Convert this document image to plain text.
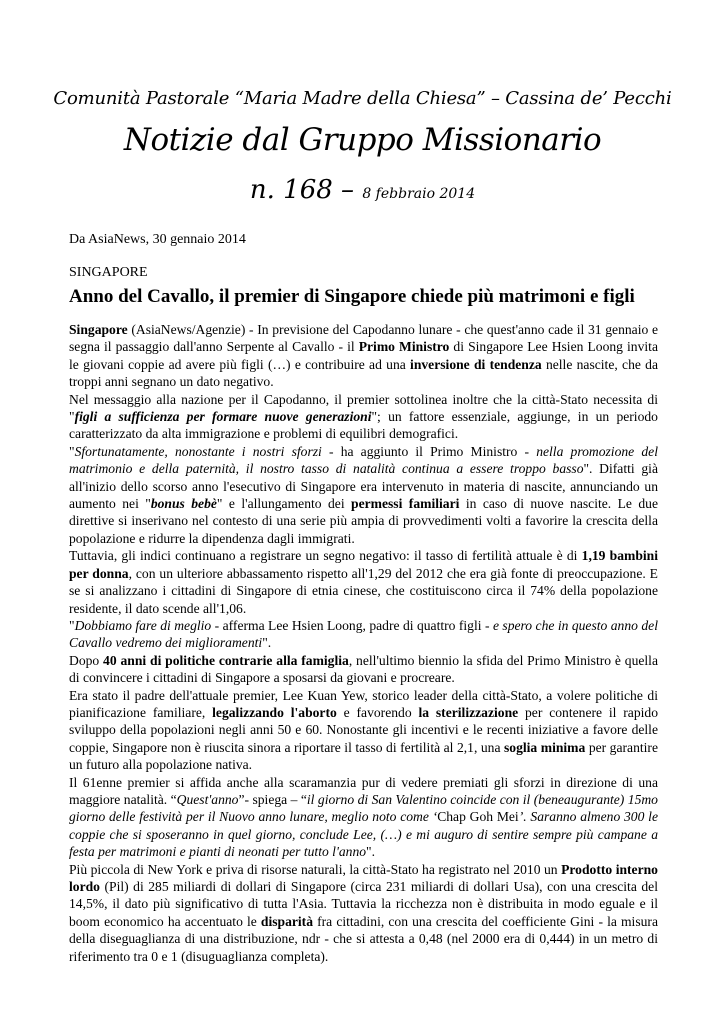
Comunità Pastorale “Maria Madre della Chiesa” – Cassina de’ Pecchi
Notizie dal Gruppo Missionario
n. 168 – 8 febbraio 2014
Da AsiaNews, 30 gennaio 2014
SINGAPORE
Anno del Cavallo, il premier di Singapore chiede più matrimoni e figli

Singapore (AsiaNews/Agenzie) - In previsione del Capodanno lunare - che quest'anno cade il 31 gennaio e segna il passaggio dall'anno Serpente al Cavallo - il Primo Ministro di Singapore Lee Hsien Loong invita le giovani coppie ad avere più figli (…) e contribuire ad una inversione di tendenza nelle nascite, che da troppi anni segnano un dato negativo.

Nel messaggio alla nazione per il Capodanno, il premier sottolinea inoltre che la città-Stato necessita di "figli a sufficienza per formare nuove generazioni"; un fattore essenziale, aggiunge, in un periodo caratterizzato da alta immigrazione e problemi di equilibri demografici.

"Sfortunatamente, nonostante i nostri sforzi - ha aggiunto il Primo Ministro - nella promozione del matrimonio e della paternità, il nostro tasso di natalità continua a essere troppo basso". Difatti già all'inizio dello scorso anno l'esecutivo di Singapore era intervenuto in materia di nascite, annunciando un aumento nei "bonus bebè" e l'allungamento dei permessi familiari in caso di nuove nascite. Le due direttive si inserivano nel contesto di una serie più ampia di provvedimenti volti a favorire la crescita della popolazione e ridurre la dipendenza dagli immigrati.

Tuttavia, gli indici continuano a registrare un segno negativo: il tasso di fertilità attuale è di 1,19 bambini per donna, con un ulteriore abbassamento rispetto all'1,29 del 2012 che era già fonte di preoccupazione. E se si analizzano i cittadini di Singapore di etnia cinese, che costituiscono circa il 74% della popolazione residente, il dato scende all'1,06.

"Dobbiamo fare di meglio - afferma Lee Hsien Loong, padre di quattro figli - e spero che in questo anno del Cavallo vedremo dei miglioramenti".

Dopo 40 anni di politiche contrarie alla famiglia, nell'ultimo biennio la sfida del Primo Ministro è quella di convincere i cittadini di Singapore a sposarsi da giovani e procreare.

Era stato il padre dell'attuale premier, Lee Kuan Yew, storico leader della città-Stato, a volere politiche di pianificazione familiare, legalizzando l'aborto e favorendo la sterilizzazione per contenere il rapido sviluppo della popolazioni negli anni 50 e 60. Nonostante gli incentivi e le recenti iniziative a favore delle coppie, Singapore non è riuscita sinora a riportare il tasso di fertilità al 2,1, una soglia minima per garantire un futuro alla popolazione nativa.

Il 61enne premier si affida anche alla scaramanzia pur di vedere premiati gli sforzi in direzione di una maggiore natalità. “Quest'anno”- spiega – “il giorno di San Valentino coincide con il (beneaugurante) 15mo giorno delle festività per il Nuovo anno lunare, meglio noto come ‘Chap Goh Mei’. Saranno almeno 300 le coppie che si sposeranno in quel giorno, conclude Lee, (…) e mi auguro di sentire sempre più campane a festa per matrimoni e pianti di neonati per tutto l'anno".

Più piccola di New York e priva di risorse naturali, la città-Stato ha registrato nel 2010 un Prodotto interno lordo (Pil) di 285 miliardi di dollari di Singapore (circa 231 miliardi di dollari Usa), con una crescita del 14,5%, il dato più significativo di tutta l'Asia. Tuttavia la ricchezza non è distribuita in modo eguale e il boom economico ha accentuato le disparità fra cittadini, con una crescita del coefficiente Gini - la misura della diseguaglianza di una distribuzione, ndr - che si attesta a 0,48 (nel 2000 era di 0,444) in un metro di riferimento tra 0 e 1 (disuguaglianza completa).
